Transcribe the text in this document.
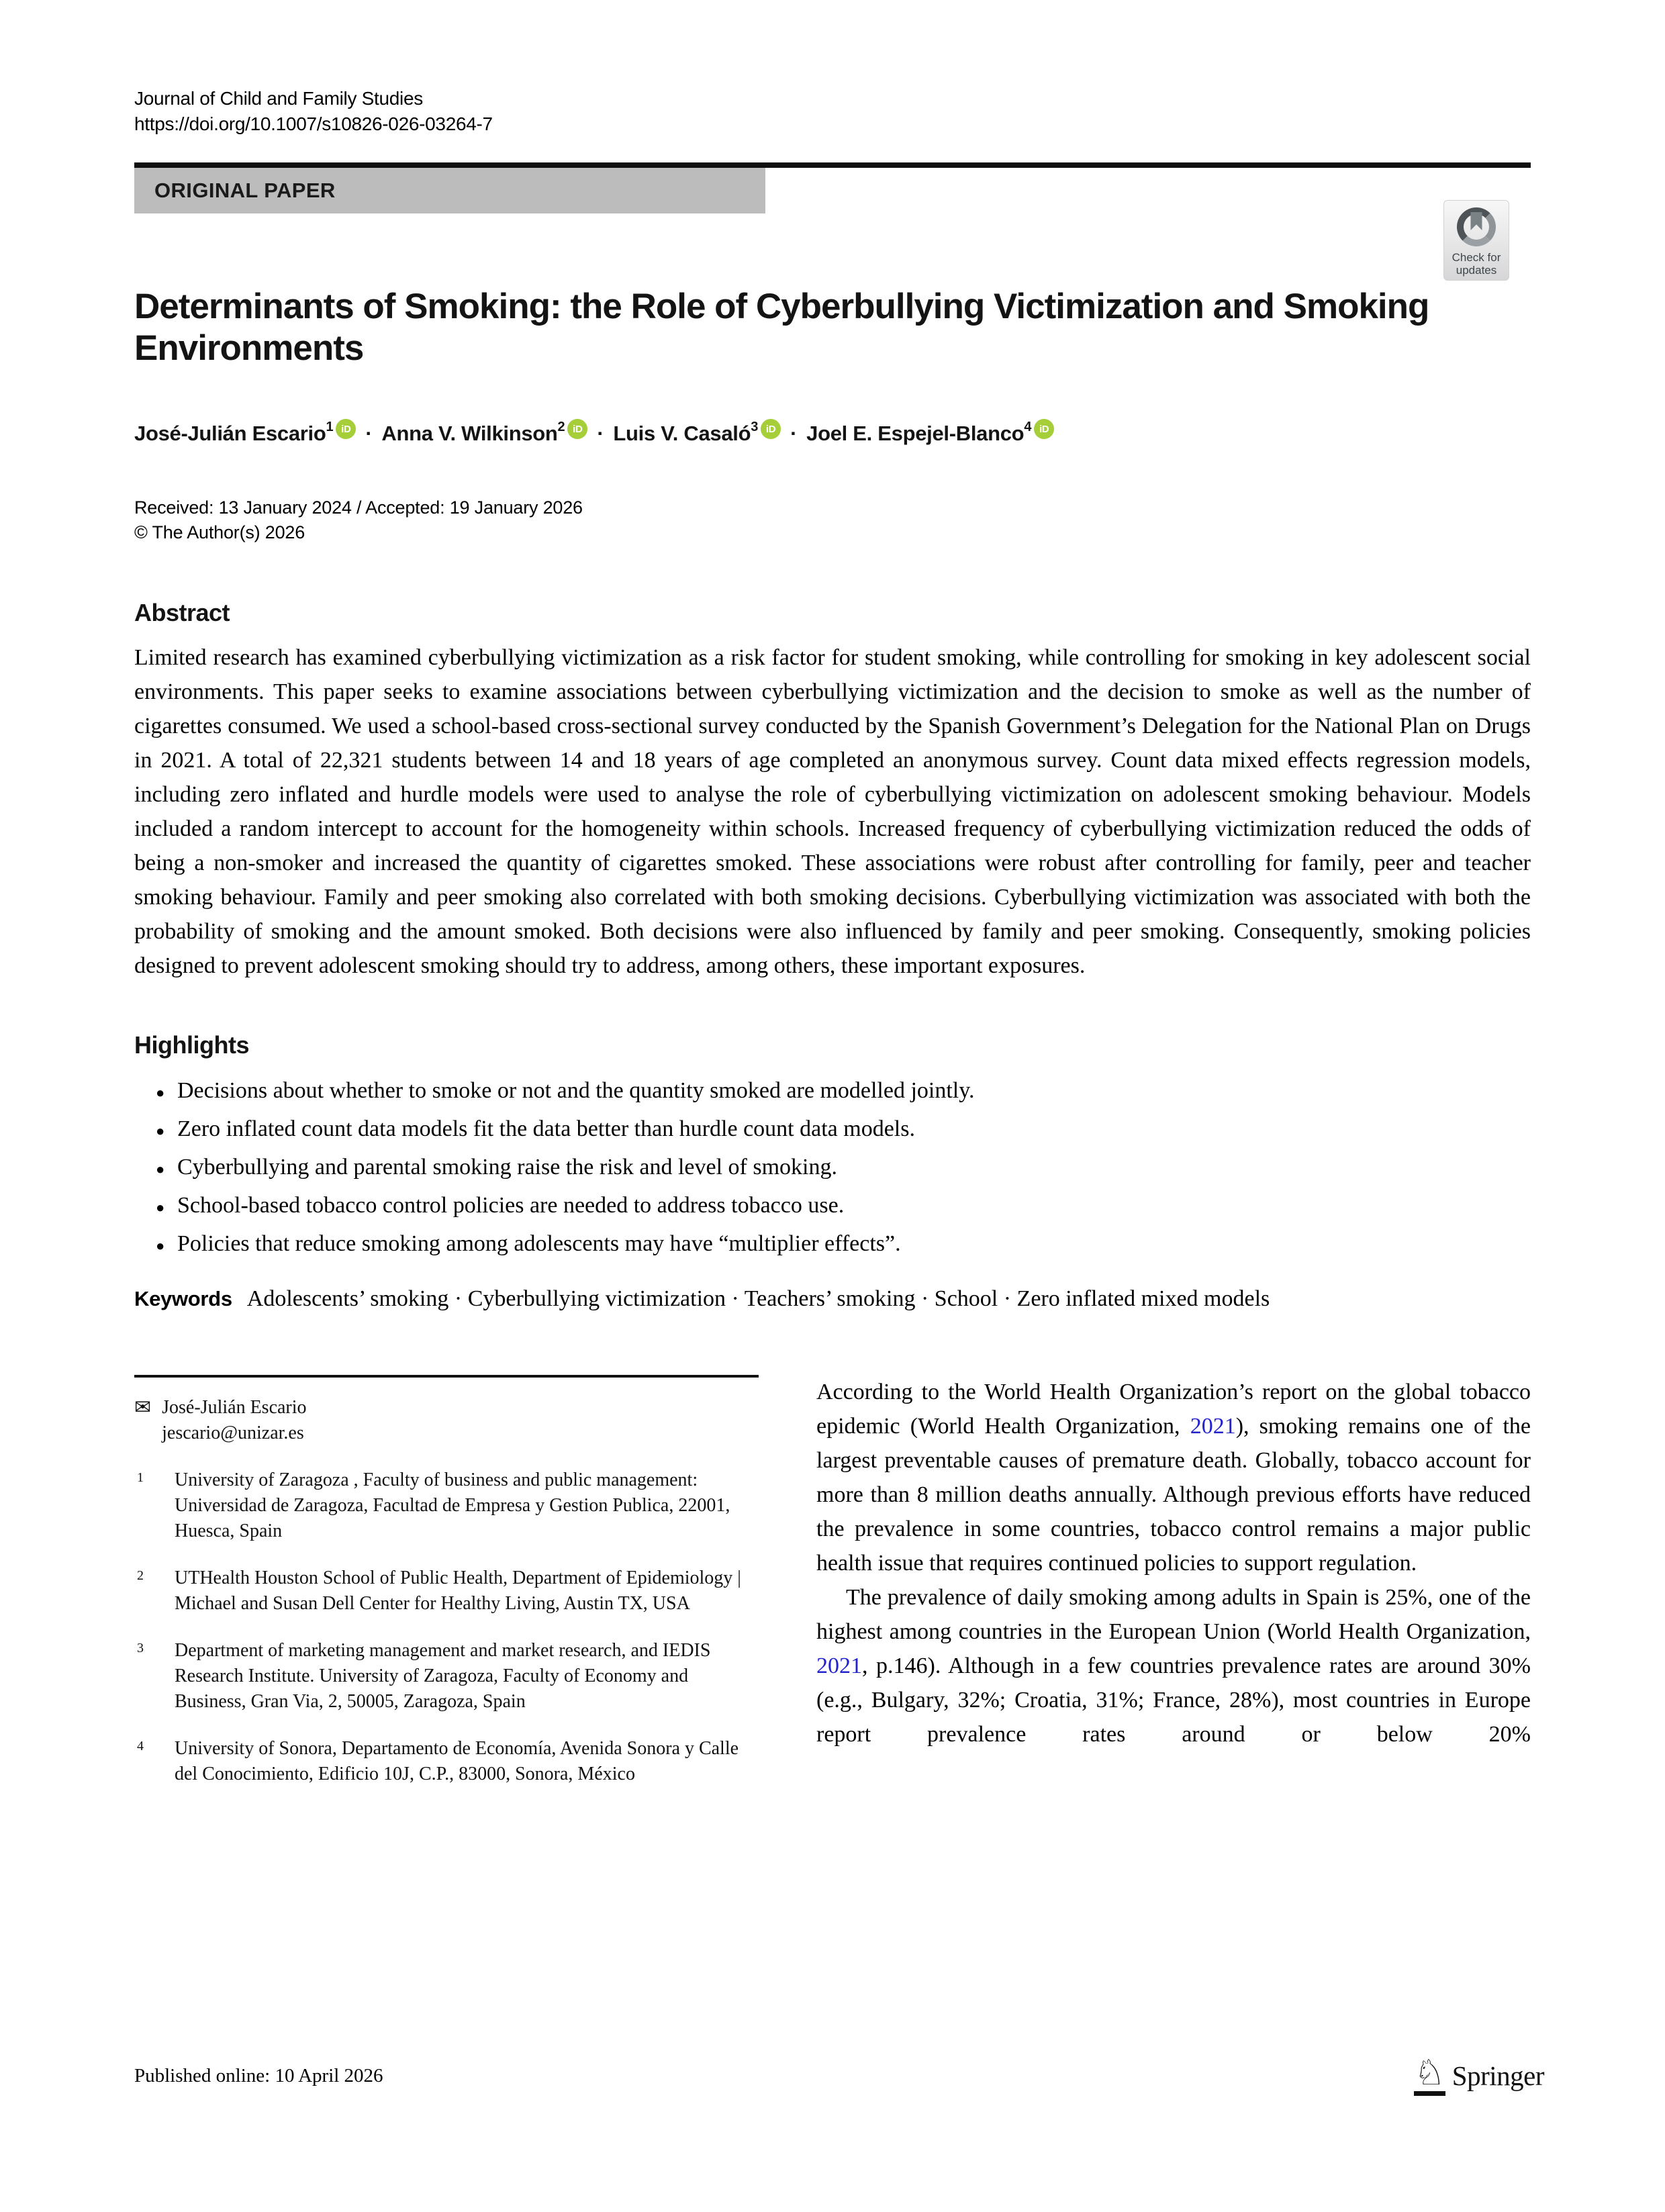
Journal of Child and Family Studies
https://doi.org/10.1007/s10826-026-03264-7
ORIGINAL PAPER
Check for
updates
Determinants of Smoking: the Role of Cyberbullying Victimization and Smoking Environments
José-Julián Escario$^1$ iD · Anna V. Wilkinson$^2$ iD · Luis V. Casaló$^3$ iD · Joel E. Espejel-Blanco$^4$ iD
Received: 13 January 2024 / Accepted: 19 January 2026
© The Author(s) 2026
Abstract

Limited research has examined cyberbullying victimization as a risk factor for student smoking, while controlling for smoking in key adolescent social environments. This paper seeks to examine associations between cyberbullying victimization and the decision to smoke as well as the number of cigarettes consumed. We used a school-based cross-sectional survey conducted by the Spanish Government’s Delegation for the National Plan on Drugs in 2021. A total of 22,321 students between 14 and 18 years of age completed an anonymous survey. Count data mixed effects regression models, including zero inflated and hurdle models were used to analyse the role of cyberbullying victimization on adolescent smoking behaviour. Models included a random intercept to account for the homogeneity within schools. Increased frequency of cyberbullying victimization reduced the odds of being a non-smoker and increased the quantity of cigarettes smoked. These associations were robust after controlling for family, peer and teacher smoking behaviour. Family and peer smoking also correlated with both smoking decisions. Cyberbullying victimization was associated with both the probability of smoking and the amount smoked. Both decisions were also influenced by family and peer smoking. Consequently, smoking policies designed to prevent adolescent smoking should try to address, among others, these important exposures.

Highlights
● Decisions about whether to smoke or not and the quantity smoked are modelled jointly.
● Zero inflated count data models fit the data better than hurdle count data models.
● Cyberbullying and parental smoking raise the risk and level of smoking.
● School-based tobacco control policies are needed to address tobacco use.
● Policies that reduce smoking among adolescents may have “multiplier effects”.

Keywords Adolescents’ smoking · Cyberbullying victimization · Teachers’ smoking · School · Zero inflated mixed models

✉ José-Julián Escario
jescario@unizar.es
1	University of Zaragoza , Faculty of business and public management: Universidad de Zaragoza, Facultad de Empresa y Gestion Publica, 22001, Huesca, Spain
2	UTHealth Houston School of Public Health, Department of Epidemiology | Michael and Susan Dell Center for Healthy Living, Austin TX, USA
3	Department of marketing management and market research, and IEDIS Research Institute. University of Zaragoza, Faculty of Economy and Business, Gran Via, 2, 50005, Zaragoza, Spain
4	University of Sonora, Departamento de Economía, Avenida Sonora y Calle del Conocimiento, Edificio 10J, C.P., 83000, Sonora, México

According to the World Health Organization’s report on the global tobacco epidemic (World Health Organization, 2021), smoking remains one of the largest preventable causes of premature death. Globally, tobacco account for more than 8 million deaths annually. Although previous efforts have reduced the prevalence in some countries, tobacco control remains a major public health issue that requires continued policies to support regulation.

The prevalence of daily smoking among adults in Spain is 25%, one of the highest among countries in the European Union (World Health Organization, 2021, p.146). Although in a few countries prevalence rates are around 30% (e.g., Bulgary, 32%; Croatia, 31%; France, 28%), most countries in Europe report prevalence rates around or below 20%

Published online: 10 April 2026	♘ Springer
